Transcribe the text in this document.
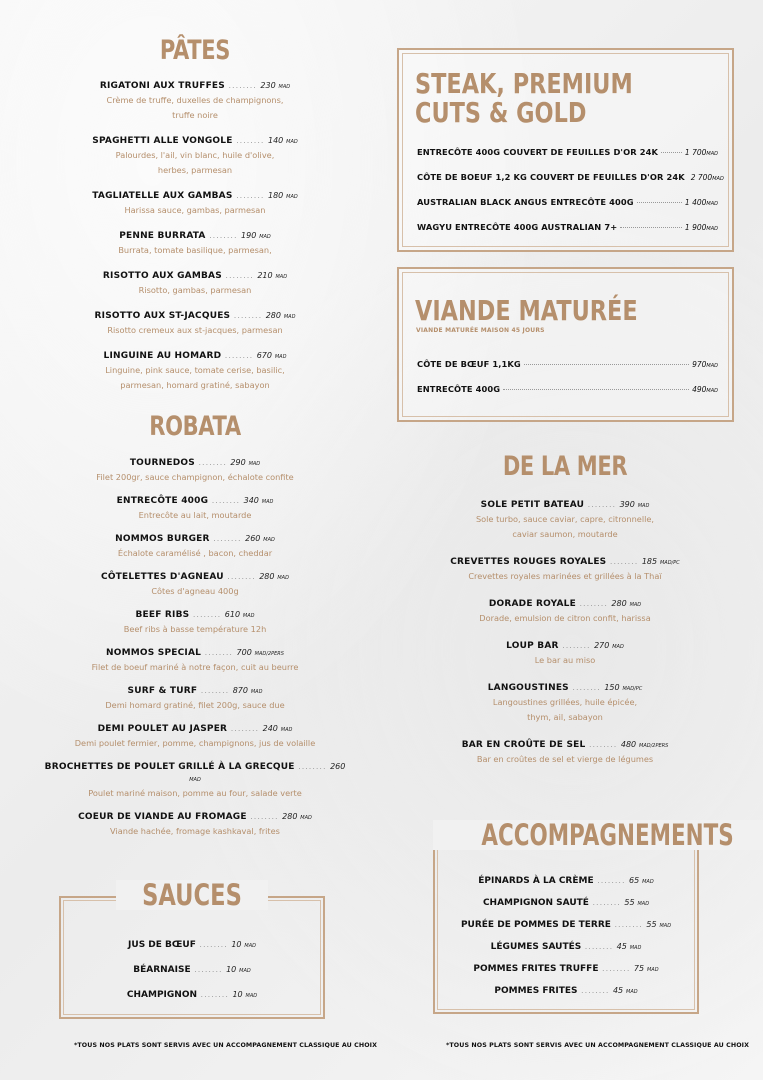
PÂTES
RIGATONI AUX TRUFFES ........ 230 MAD
Crème de truffe, duxelles de champignons,
truffe noire
SPAGHETTI ALLE VONGOLE ........ 140 MAD
Palourdes, l'ail, vin blanc, huile d'olive,
herbes, parmesan
TAGLIATELLE AUX GAMBAS ........ 180 MAD
Harissa sauce, gambas, parmesan
PENNE BURRATA ........ 190 MAD
Burrata, tomate basilique, parmesan,
RISOTTO AUX GAMBAS ........ 210 MAD
Risotto, gambas, parmesan
RISOTTO AUX ST-JACQUES ........ 280 MAD
Risotto cremeux aux st-jacques, parmesan
LINGUINE AU HOMARD ........ 670 MAD
Linguine, pink sauce, tomate cerise, basilic,
parmesan, homard gratiné, sabayon
ROBATA
TOURNEDOS ........ 290 MAD
Filet 200gr, sauce champignon, échalote confite
ENTRECÔTE 400G ........ 340 MAD
Entrecôte au lait, moutarde
NOMMOS BURGER ........ 260 MAD
Échalote caramélisé , bacon, cheddar
CÔTELETTES D'AGNEAU ........ 280 MAD
Côtes d'agneau 400g
BEEF RIBS ........ 610 MAD
Beef ribs à basse température 12h
NOMMOS SPECIAL ........ 700 MAD/2PERS
Filet de boeuf mariné à notre façon, cuit au beurre
SURF & TURF ........ 870 MAD
Demi homard gratiné, filet 200g, sauce due
DEMI POULET AU JASPER ........ 240 MAD
Demi poulet fermier, pomme, champignons, jus de volaille
BROCHETTES DE POULET GRILLÉ À LA GRECQUE ........ 260 MAD
Poulet mariné maison, pomme au four, salade verte
COEUR DE VIANDE AU FROMAGE ........ 280 MAD
Viande hachée, fromage kashkaval, frites
SAUCES
JUS DE BŒUF ........ 10 MAD
BÉARNAISE ........ 10 MAD
CHAMPIGNON ........ 10 MAD
*TOUS NOS PLATS SONT SERVIS AVEC UN ACCOMPAGNEMENT CLASSIQUE AU CHOIX
STEAK, PREMIUM
CUTS & GOLD
ENTRECÔTE 400G COUVERT DE FEUILLES D'OR 24K	1 700 MAD
CÔTE DE BOEUF 1,2 KG COUVERT DE FEUILLES D'OR 24K 2 700 MAD
AUSTRALIAN BLACK ANGUS ENTRECÔTE 400G	1 400 MAD
WAGYU ENTRECÔTE 400G AUSTRALIAN 7+	1 900 MAD
VIANDE MATURÉE
VIANDE MATURÉE MAISON 45 JOURS
CÔTE DE BŒUF 1,1KG	970 MAD
ENTRECÔTE 400G	490 MAD
DE LA MER
SOLE PETIT BATEAU ........ 390 MAD
Sole turbo, sauce caviar, capre, citronnelle,
caviar saumon, moutarde
CREVETTES ROUGES ROYALES ........ 185 MAD/PC
Crevettes royales marinées et grillées à la Thaï
DORADE ROYALE ........ 280 MAD
Dorade, emulsion de citron confit, harissa
LOUP BAR ........ 270 MAD
Le bar au miso
LANGOUSTINES ........ 150 MAD/PC
Langoustines grillées, huile épicée,
thym, ail, sabayon
BAR EN CROÛTE DE SEL ........ 480 MAD/2PERS
Bar en croûtes de sel et vierge de légumes
ACCOMPAGNEMENTS
ÉPINARDS À LA CRÈME ........ 65 MAD
CHAMPIGNON SAUTÉ ........ 55 MAD
PURÉE DE POMMES DE TERRE ........ 55 MAD
LÉGUMES SAUTÉS ........ 45 MAD
POMMES FRITES TRUFFE ........ 75 MAD
POMMES FRITES ........ 45 MAD
*TOUS NOS PLATS SONT SERVIS AVEC UN ACCOMPAGNEMENT CLASSIQUE AU CHOIX
